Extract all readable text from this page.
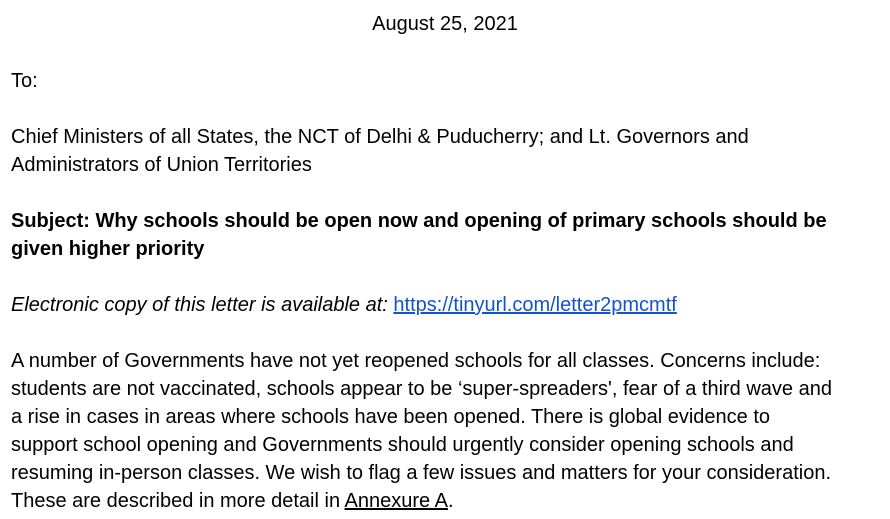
August 25, 2021
To:
Chief Ministers of all States, the NCT of Delhi & Puducherry; and Lt. Governors and
Administrators of Union Territories
Subject: Why schools should be open now and opening of primary schools should be
given higher priority
Electronic copy of this letter is available at: https://tinyurl.com/letter2pmcmtf
A number of Governments have not yet reopened schools for all classes. Concerns include:
students are not vaccinated, schools appear to be ‘super-spreaders', fear of a third wave and
a rise in cases in areas where schools have been opened. There is global evidence to
support school opening and Governments should urgently consider opening schools and
resuming in-person classes. We wish to flag a few issues and matters for your consideration.
These are described in more detail in Annexure A.
